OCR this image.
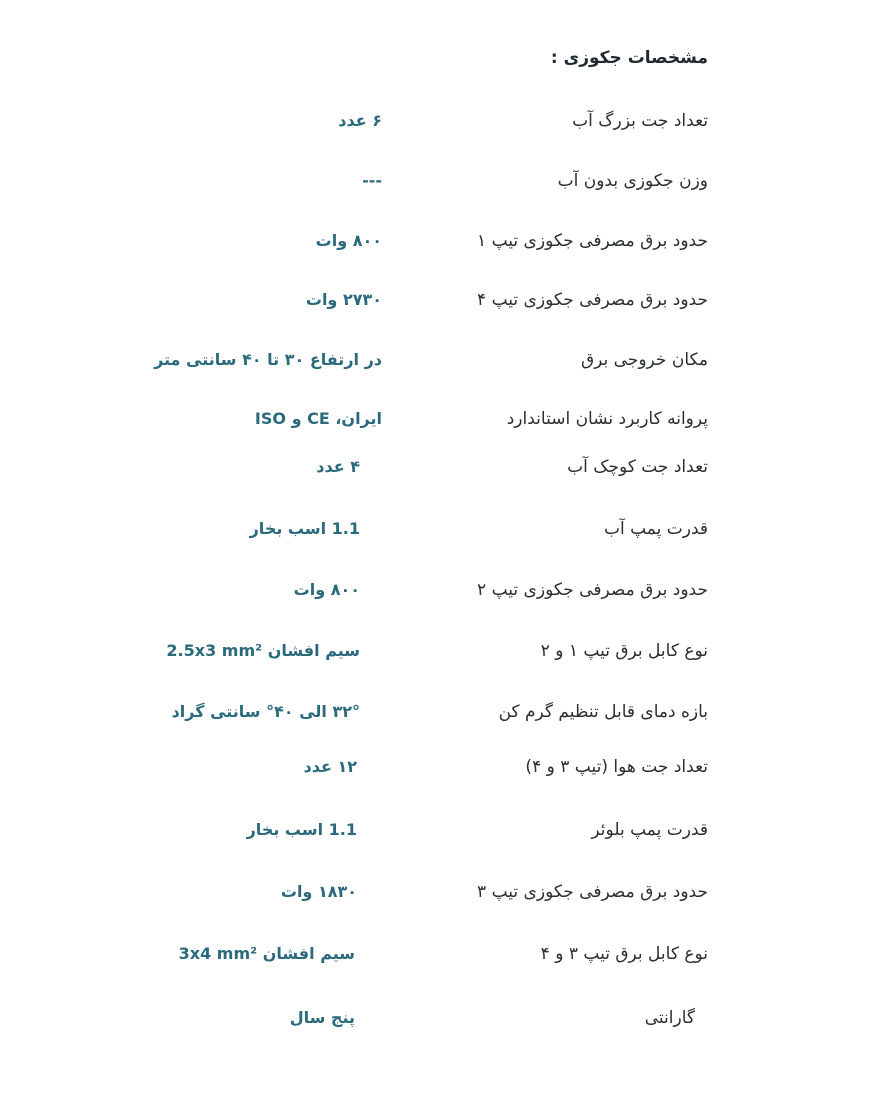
مشخصات جکوزی :
تعداد جت بزرگ آب
۶ عدد
وزن جکوزی بدون آب
---
حدود برق مصرفی جکوزی تیپ ۱
۸۰۰ وات
حدود برق مصرفی جکوزی تیپ ۴
۲۷۳۰ وات
مکان خروجی برق
در ارتفاع ۳۰ تا ۴۰ سانتی متر
پروانه کاربرد نشان استاندارد
ایران، CE و ISO
تعداد جت کوچک آب
۴ عدد
قدرت پمپ آب
1.1 اسب بخار
حدود برق مصرفی جکوزی تیپ ۲
۸۰۰ وات
نوع کابل برق تیپ ۱ و ۲
سیم افشان 2.5x3 mm²
بازه دمای قابل تنظیم گرم کن
۳۲° الی ۴۰° سانتی گراد
تعداد جت هوا (تیپ ۳ و ۴)
۱۲ عدد
قدرت پمپ بلوئر
1.1 اسب بخار
حدود برق مصرفی جکوزی تیپ ۳
۱۸۳۰ وات
نوع کابل برق تیپ ۳ و ۴
سیم افشان 3x4 mm²
گارانتی
پنج سال
